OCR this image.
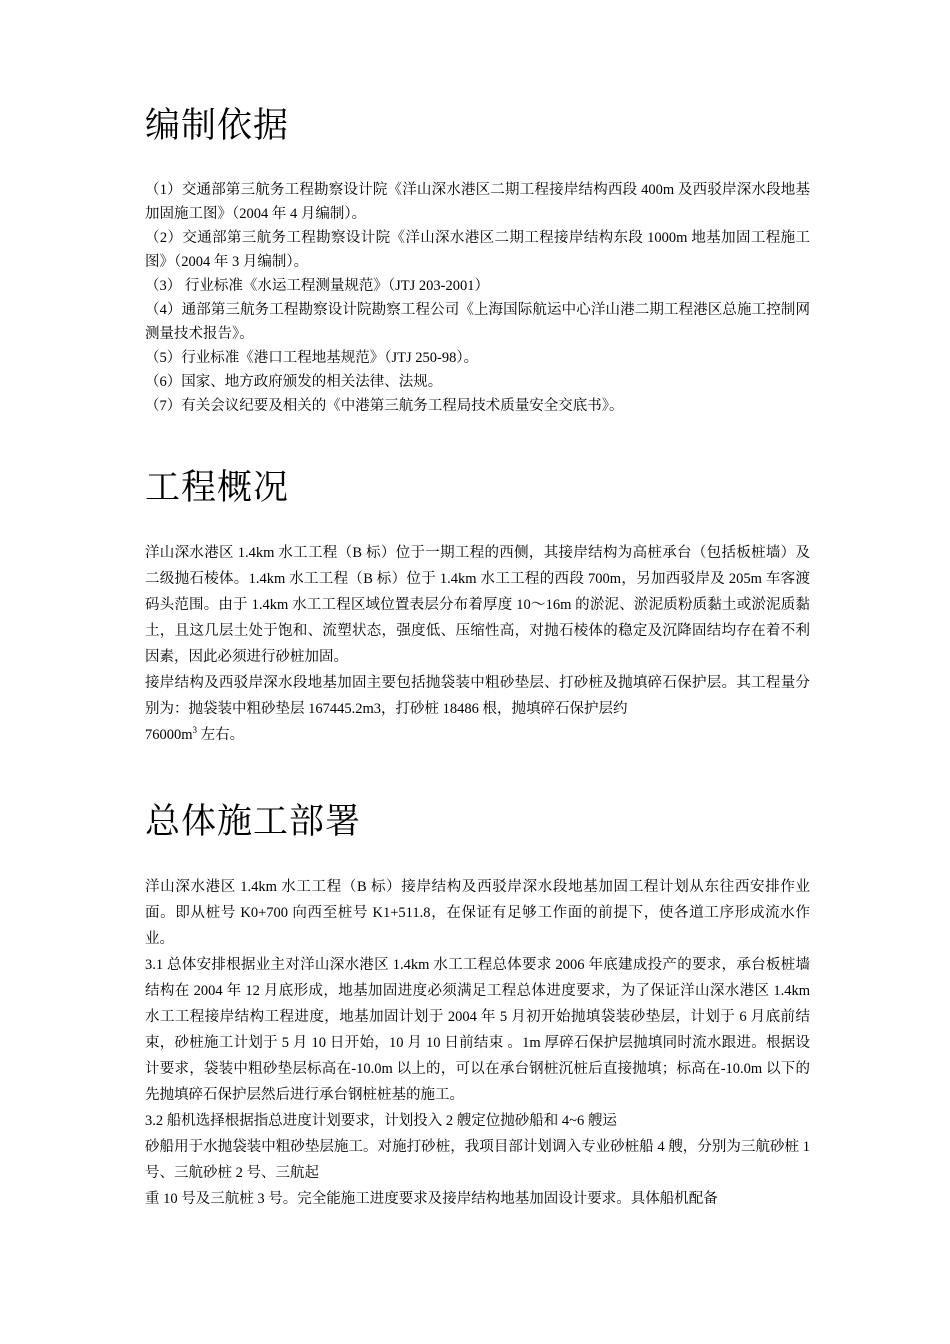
编制依据

（1）交通部第三航务工程勘察设计院《洋山深水港区二期工程接岸结构西段 400m 及西驳岸深水段地基加固施工图》（2004 年 4 月编制）。

（2）交通部第三航务工程勘察设计院《洋山深水港区二期工程接岸结构东段 1000m 地基加固工程施工图》（2004 年 3 月编制）。

（3） 行业标准《水运工程测量规范》（JTJ 203-2001）

（4）通部第三航务工程勘察设计院勘察工程公司《上海国际航运中心洋山港二期工程港区总施工控制网测量技术报告》。

（5）行业标准《港口工程地基规范》（JTJ 250-98）。

（6）国家、地方政府颁发的相关法律、法规。

（7）有关会议纪要及相关的《中港第三航务工程局技术质量安全交底书》。

工程概况

洋山深水港区 1.4km 水工工程（B 标）位于一期工程的西侧，其接岸结构为高桩承台（包括板桩墙）及二级抛石棱体。1.4km 水工工程（B 标）位于 1.4km 水工工程的西段 700m，另加西驳岸及 205m 车客渡码头范围。由于 1.4km 水工工程区域位置表层分布着厚度 10～16m 的淤泥、淤泥质粉质黏土或淤泥质黏土，且这几层土处于饱和、流塑状态，强度低、压缩性高，对抛石棱体的稳定及沉降固结均存在着不利因素，因此必须进行砂桩加固。

接岸结构及西驳岸深水段地基加固主要包括抛袋装中粗砂垫层、打砂桩及抛填碎石保护层。其工程量分别为：抛袋装中粗砂垫层 167445.2m3，打砂桩 18486 根，抛填碎石保护层约

$76000m^3$ 左右。

总体施工部署

洋山深水港区 1.4km 水工工程（B 标）接岸结构及西驳岸深水段地基加固工程计划从东往西安排作业面。即从桩号 K0+700 向西至桩号 K1+511.8，在保证有足够工作面的前提下，使各道工序形成流水作业。

3.1 总体安排根据业主对洋山深水港区 1.4km 水工工程总体要求 2006 年底建成投产的要求，承台板桩墙结构在 2004 年 12 月底形成，地基加固进度必须满足工程总体进度要求，为了保证洋山深水港区 1.4km 水工工程接岸结构工程进度，地基加固计划于 2004 年 5 月初开始抛填袋装砂垫层，计划于 6 月底前结束，砂桩施工计划于 5 月 10 日开始，10 月 10 日前结束 。1m 厚碎石保护层抛填同时流水跟进。根据设计要求，袋装中粗砂垫层标高在-10.0m 以上的，可以在承台钢桩沉桩后直接抛填；标高在-10.0m 以下的先抛填碎石保护层然后进行承台钢桩桩基的施工。

3.2 船机选择根据指总进度计划要求，计划投入 2 艘定位抛砂船和 4~6 艘运

砂船用于水抛袋装中粗砂垫层施工。对施打砂桩，我项目部计划调入专业砂桩船 4 艘，分别为三航砂桩 1 号、三航砂桩 2 号、三航起

重 10 号及三航桩 3 号。完全能施工进度要求及接岸结构地基加固设计要求。具体船机配备
